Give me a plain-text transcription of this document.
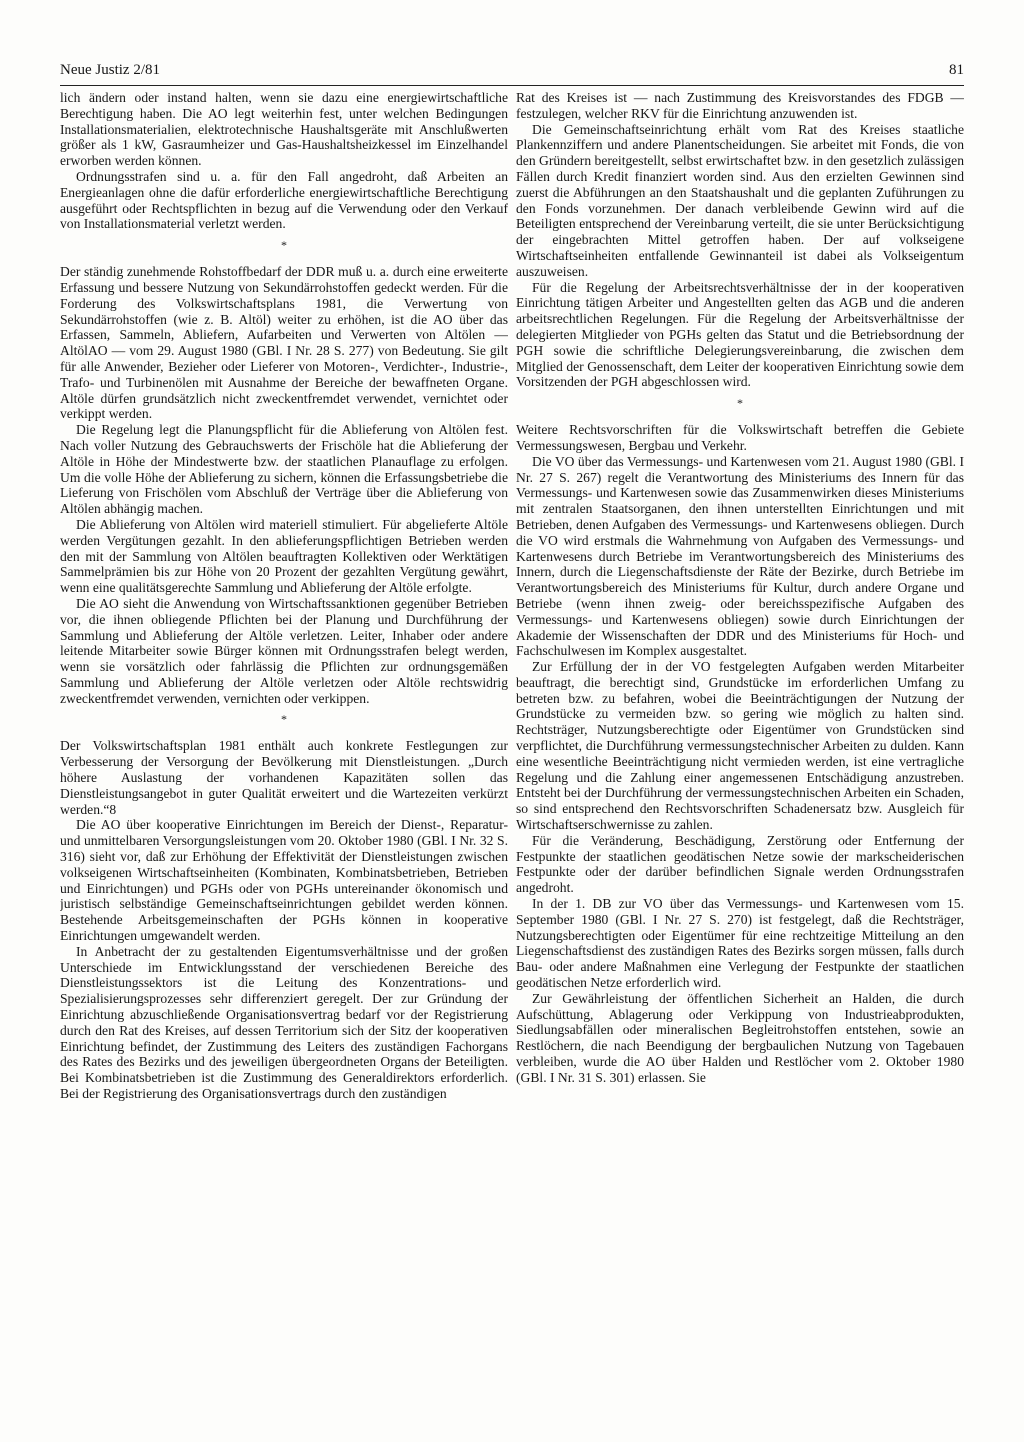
Neue Justiz 2/81	81

lich ändern oder instand halten, wenn sie dazu eine energiewirtschaftliche Berechtigung haben. Die AO legt weiterhin fest, unter welchen Bedingungen Installationsmaterialien, elektrotechnische Haushaltsgeräte mit Anschlußwerten größer als 1 kW, Gasraumheizer und Gas-Haushaltsheizkessel im Einzelhandel erworben werden können.

Ordnungsstrafen sind u. a. für den Fall angedroht, daß Arbeiten an Energieanlagen ohne die dafür erforderliche energiewirtschaftliche Berechtigung ausgeführt oder Rechtspflichten in bezug auf die Verwendung oder den Verkauf von Installationsmaterial verletzt werden.

*

Der ständig zunehmende Rohstoffbedarf der DDR muß u. a. durch eine erweiterte Erfassung und bessere Nutzung von Sekundärrohstoffen gedeckt werden. Für die Forderung des Volkswirtschaftsplans 1981, die Verwertung von Sekundärrohstoffen (wie z. B. Altöl) weiter zu erhöhen, ist die AO über das Erfassen, Sammeln, Abliefern, Aufarbeiten und Verwerten von Altölen — AltölAO — vom 29. August 1980 (GBl. I Nr. 28 S. 277) von Bedeutung. Sie gilt für alle Anwender, Bezieher oder Lieferer von Motoren-, Verdichter-, Industrie-, Trafo- und Turbinenölen mit Ausnahme der Bereiche der bewaffneten Organe. Altöle dürfen grundsätzlich nicht zweckentfremdet verwendet, vernichtet oder verkippt werden.

Die Regelung legt die Planungspflicht für die Ablieferung von Altölen fest. Nach voller Nutzung des Gebrauchswerts der Frischöle hat die Ablieferung der Altöle in Höhe der Mindestwerte bzw. der staatlichen Planauflage zu erfolgen. Um die volle Höhe der Ablieferung zu sichern, können die Erfassungsbetriebe die Lieferung von Frischölen vom Abschluß der Verträge über die Ablieferung von Altölen abhängig machen.

Die Ablieferung von Altölen wird materiell stimuliert. Für abgelieferte Altöle werden Vergütungen gezahlt. In den ablieferungspflichtigen Betrieben werden den mit der Sammlung von Altölen beauftragten Kollektiven oder Werktätigen Sammelprämien bis zur Höhe von 20 Prozent der gezahlten Vergütung gewährt, wenn eine qualitätsgerechte Sammlung und Ablieferung der Altöle erfolgte.

Die AO sieht die Anwendung von Wirtschaftssanktionen gegenüber Betrieben vor, die ihnen obliegende Pflichten bei der Planung und Durchführung der Sammlung und Ablieferung der Altöle verletzen. Leiter, Inhaber oder andere leitende Mitarbeiter sowie Bürger können mit Ordnungsstrafen belegt werden, wenn sie vorsätzlich oder fahrlässig die Pflichten zur ordnungsgemäßen Sammlung und Ablieferung der Altöle verletzen oder Altöle rechtswidrig zweckentfremdet verwenden, vernichten oder verkippen.

*

Der Volkswirtschaftsplan 1981 enthält auch konkrete Festlegungen zur Verbesserung der Versorgung der Bevölkerung mit Dienstleistungen. „Durch höhere Auslastung der vorhandenen Kapazitäten sollen das Dienstleistungsangebot in guter Qualität erweitert und die Wartezeiten verkürzt werden.“8

Die AO über kooperative Einrichtungen im Bereich der Dienst-, Reparatur- und unmittelbaren Versorgungsleistungen vom 20. Oktober 1980 (GBl. I Nr. 32 S. 316) sieht vor, daß zur Erhöhung der Effektivität der Dienstleistungen zwischen volkseigenen Wirtschaftseinheiten (Kombinaten, Kombinatsbetrieben, Betrieben und Einrichtungen) und PGHs oder von PGHs untereinander ökonomisch und juristisch selbständige Gemeinschaftseinrichtungen gebildet werden können. Bestehende Arbeitsgemeinschaften der PGHs können in kooperative Einrichtungen umgewandelt werden.

In Anbetracht der zu gestaltenden Eigentumsverhältnisse und der großen Unterschiede im Entwicklungsstand der verschiedenen Bereiche des Dienstleistungssektors ist die Leitung des Konzentrations- und Spezialisierungsprozesses sehr differenziert geregelt. Der zur Gründung der Einrichtung abzuschließende Organisationsvertrag bedarf vor der Registrierung durch den Rat des Kreises, auf dessen Territorium sich der Sitz der kooperativen Einrichtung befindet, der Zustimmung des Leiters des zuständigen Fachorgans des Rates des Bezirks und des jeweiligen übergeordneten Organs der Beteiligten. Bei Kombinatsbetrieben ist die Zustimmung des Generaldirektors erforderlich. Bei der Registrierung des Organisationsvertrags durch den zuständigen

Rat des Kreises ist — nach Zustimmung des Kreisvorstandes des FDGB — festzulegen, welcher RKV für die Einrichtung anzuwenden ist.

Die Gemeinschaftseinrichtung erhält vom Rat des Kreises staatliche Plankennziffern und andere Planentscheidungen. Sie arbeitet mit Fonds, die von den Gründern bereitgestellt, selbst erwirtschaftet bzw. in den gesetzlich zulässigen Fällen durch Kredit finanziert worden sind. Aus den erzielten Gewinnen sind zuerst die Abführungen an den Staatshaushalt und die geplanten Zuführungen zu den Fonds vorzunehmen. Der danach verbleibende Gewinn wird auf die Beteiligten entsprechend der Vereinbarung verteilt, die sie unter Berücksichtigung der eingebrachten Mittel getroffen haben. Der auf volkseigene Wirtschaftseinheiten entfallende Gewinnanteil ist dabei als Volkseigentum auszuweisen.

Für die Regelung der Arbeitsrechtsverhältnisse der in der kooperativen Einrichtung tätigen Arbeiter und Angestellten gelten das AGB und die anderen arbeitsrechtlichen Regelungen. Für die Regelung der Arbeitsverhältnisse der delegierten Mitglieder von PGHs gelten das Statut und die Betriebsordnung der PGH sowie die schriftliche Delegierungsvereinbarung, die zwischen dem Mitglied der Genossenschaft, dem Leiter der kooperativen Einrichtung sowie dem Vorsitzenden der PGH abgeschlossen wird.

*

Weitere Rechtsvorschriften für die Volkswirtschaft betreffen die Gebiete Vermessungswesen, Bergbau und Verkehr.

Die VO über das Vermessungs- und Kartenwesen vom 21. August 1980 (GBl. I Nr. 27 S. 267) regelt die Verantwortung des Ministeriums des Innern für das Vermessungs- und Kartenwesen sowie das Zusammenwirken dieses Ministeriums mit zentralen Staatsorganen, den ihnen unterstellten Einrichtungen und mit Betrieben, denen Aufgaben des Vermessungs- und Kartenwesens obliegen. Durch die VO wird erstmals die Wahrnehmung von Aufgaben des Vermessungs- und Kartenwesens durch Betriebe im Verantwortungsbereich des Ministeriums des Innern, durch die Liegenschaftsdienste der Räte der Bezirke, durch Betriebe im Verantwortungsbereich des Ministeriums für Kultur, durch andere Organe und Betriebe (wenn ihnen zweig- oder bereichsspezifische Aufgaben des Vermessungs- und Kartenwesens obliegen) sowie durch Einrichtungen der Akademie der Wissenschaften der DDR und des Ministeriums für Hoch- und Fachschulwesen im Komplex ausgestaltet.

Zur Erfüllung der in der VO festgelegten Aufgaben werden Mitarbeiter beauftragt, die berechtigt sind, Grundstücke im erforderlichen Umfang zu betreten bzw. zu befahren, wobei die Beeinträchtigungen der Nutzung der Grundstücke zu vermeiden bzw. so gering wie möglich zu halten sind. Rechtsträger, Nutzungsberechtigte oder Eigentümer von Grundstücken sind verpflichtet, die Durchführung vermessungstechnischer Arbeiten zu dulden. Kann eine wesentliche Beeinträchtigung nicht vermieden werden, ist eine vertragliche Regelung und die Zahlung einer angemessenen Entschädigung anzustreben. Entsteht bei der Durchführung der vermessungstechnischen Arbeiten ein Schaden, so sind entsprechend den Rechtsvorschriften Schadenersatz bzw. Ausgleich für Wirtschaftserschwernisse zu zahlen.

Für die Veränderung, Beschädigung, Zerstörung oder Entfernung der Festpunkte der staatlichen geodätischen Netze sowie der markscheiderischen Festpunkte oder der darüber befindlichen Signale werden Ordnungsstrafen angedroht.

In der 1. DB zur VO über das Vermessungs- und Kartenwesen vom 15. September 1980 (GBl. I Nr. 27 S. 270) ist festgelegt, daß die Rechtsträger, Nutzungsberechtigten oder Eigentümer für eine rechtzeitige Mitteilung an den Liegenschaftsdienst des zuständigen Rates des Bezirks sorgen müssen, falls durch Bau- oder andere Maßnahmen eine Verlegung der Festpunkte der staatlichen geodätischen Netze erforderlich wird.

Zur Gewährleistung der öffentlichen Sicherheit an Halden, die durch Aufschüttung, Ablagerung oder Verkippung von Industrieabprodukten, Siedlungsabfällen oder mineralischen Begleitrohstoffen entstehen, sowie an Restlöchern, die nach Beendigung der bergbaulichen Nutzung von Tagebauen verbleiben, wurde die AO über Halden und Restlöcher vom 2. Oktober 1980 (GBl. I Nr. 31 S. 301) erlassen. Sie
